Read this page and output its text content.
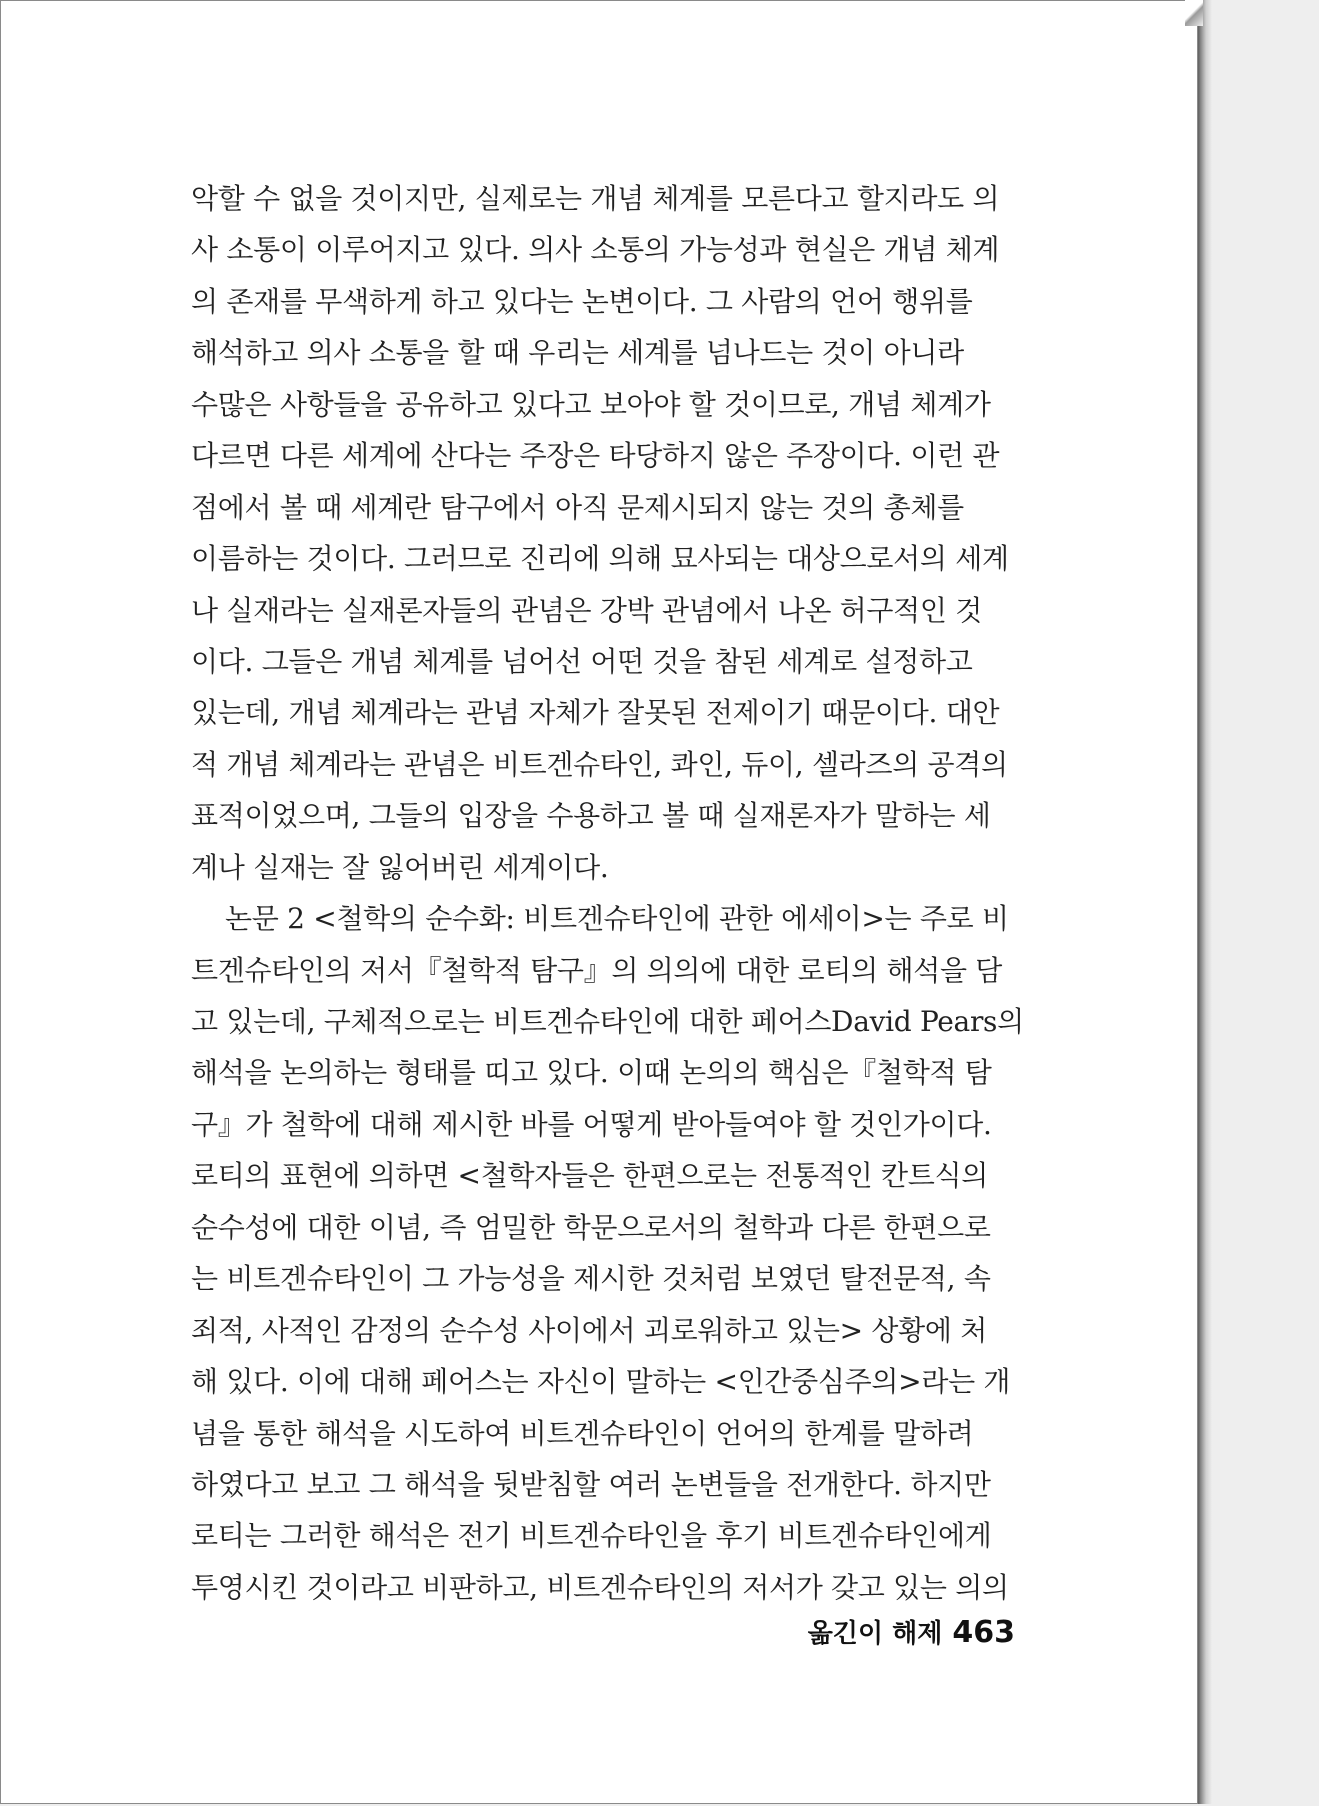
악할 수 없을 것이지만, 실제로는 개념 체계를 모른다고 할지라도 의
사 소통이 이루어지고 있다. 의사 소통의 가능성과 현실은 개념 체계
의 존재를 무색하게 하고 있다는 논변이다. 그 사람의 언어 행위를
해석하고 의사 소통을 할 때 우리는 세계를 넘나드는 것이 아니라
수많은 사항들을 공유하고 있다고 보아야 할 것이므로, 개념 체계가
다르면 다른 세계에 산다는 주장은 타당하지 않은 주장이다. 이런 관
점에서 볼 때 세계란 탐구에서 아직 문제시되지 않는 것의 총체를
이름하는 것이다. 그러므로 진리에 의해 묘사되는 대상으로서의 세계
나 실재라는 실재론자들의 관념은 강박 관념에서 나온 허구적인 것
이다. 그들은 개념 체계를 넘어선 어떤 것을 참된 세계로 설정하고
있는데, 개념 체계라는 관념 자체가 잘못된 전제이기 때문이다. 대안
적 개념 체계라는 관념은 비트겐슈타인, 콰인, 듀이, 셀라즈의 공격의
표적이었으며, 그들의 입장을 수용하고 볼 때 실재론자가 말하는 세
계나 실재는 잘 잃어버린 세계이다.
논문 2 <철학의 순수화: 비트겐슈타인에 관한 에세이>는 주로 비
트겐슈타인의 저서『철학적 탐구』의 의의에 대한 로티의 해석을 담
고 있는데, 구체적으로는 비트겐슈타인에 대한 페어스David Pears의
해석을 논의하는 형태를 띠고 있다. 이때 논의의 핵심은『철학적 탐
구』가 철학에 대해 제시한 바를 어떻게 받아들여야 할 것인가이다.
로티의 표현에 의하면 <철학자들은 한편으로는 전통적인 칸트식의
순수성에 대한 이념, 즉 엄밀한 학문으로서의 철학과 다른 한편으로
는 비트겐슈타인이 그 가능성을 제시한 것처럼 보였던 탈전문적, 속
죄적, 사적인 감정의 순수성 사이에서 괴로워하고 있는> 상황에 처
해 있다. 이에 대해 페어스는 자신이 말하는 <인간중심주의>라는 개
념을 통한 해석을 시도하여 비트겐슈타인이 언어의 한계를 말하려
하였다고 보고 그 해석을 뒷받침할 여러 논변들을 전개한다. 하지만
로티는 그러한 해석은 전기 비트겐슈타인을 후기 비트겐슈타인에게
투영시킨 것이라고 비판하고, 비트겐슈타인의 저서가 갖고 있는 의의
옮긴이 해제 463
